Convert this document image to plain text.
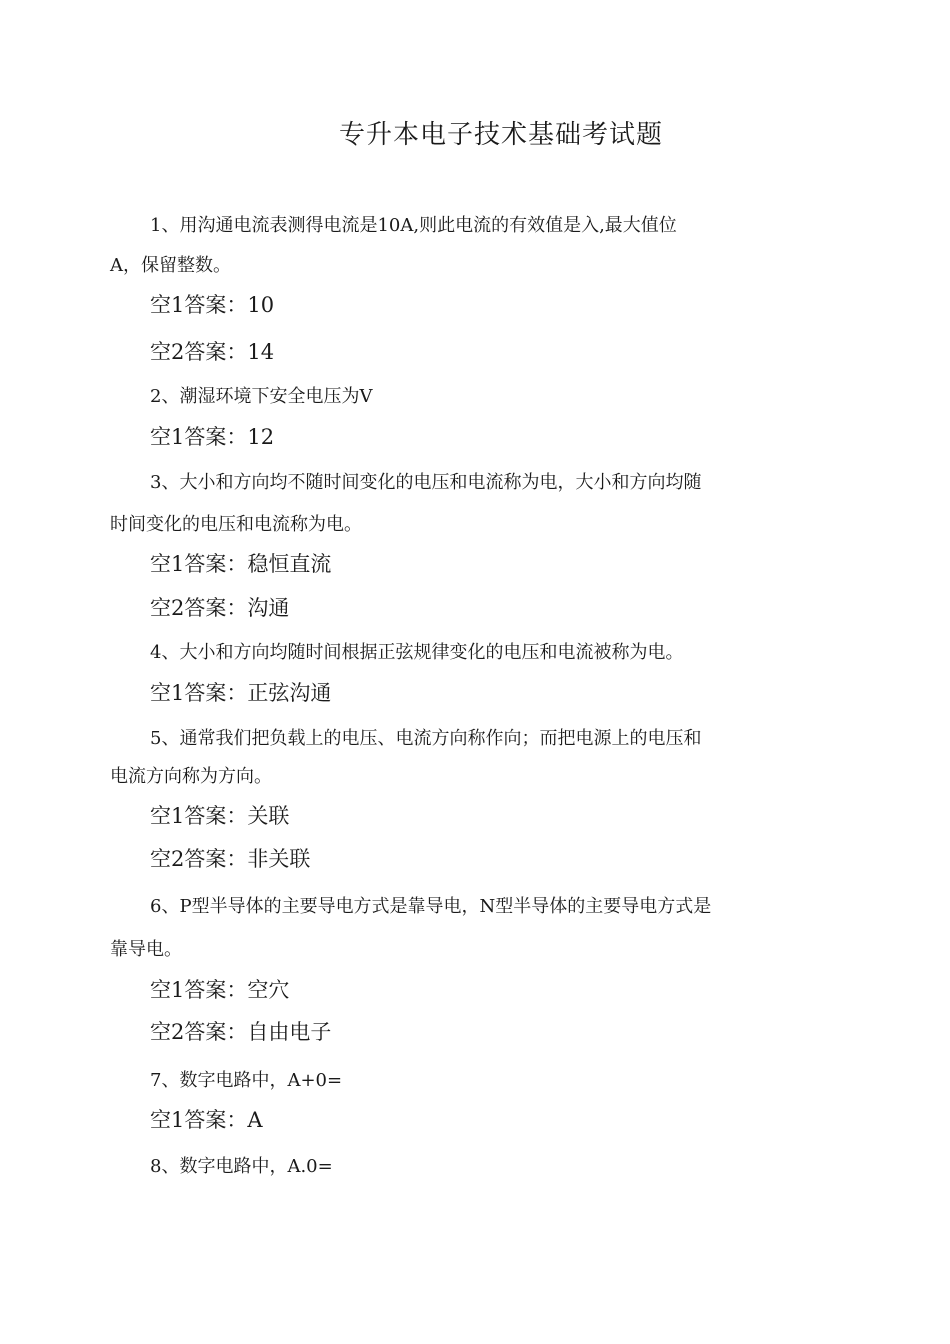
专升本电子技术基础考试题
1、用沟通电流表测得电流是10A,则此电流的有效值是入,最大值位
A，保留整数。
空1答案：10
空2答案：14
2、潮湿环境下安全电压为V
空1答案：12
3、大小和方向均不随时间变化的电压和电流称为电，大小和方向均随
时间变化的电压和电流称为电。
空1答案：稳恒直流
空2答案：沟通
4、大小和方向均随时间根据正弦规律变化的电压和电流被称为电。
空1答案：正弦沟通
5、通常我们把负载上的电压、电流方向称作向；而把电源上的电压和
电流方向称为方向。
空1答案：关联
空2答案：非关联
6、P型半导体的主要导电方式是靠导电，N型半导体的主要导电方式是
靠导电。
空1答案：空穴
空2答案：自由电子
7、数字电路中，A+0=
空1答案：A
8、数字电路中，A.0=
